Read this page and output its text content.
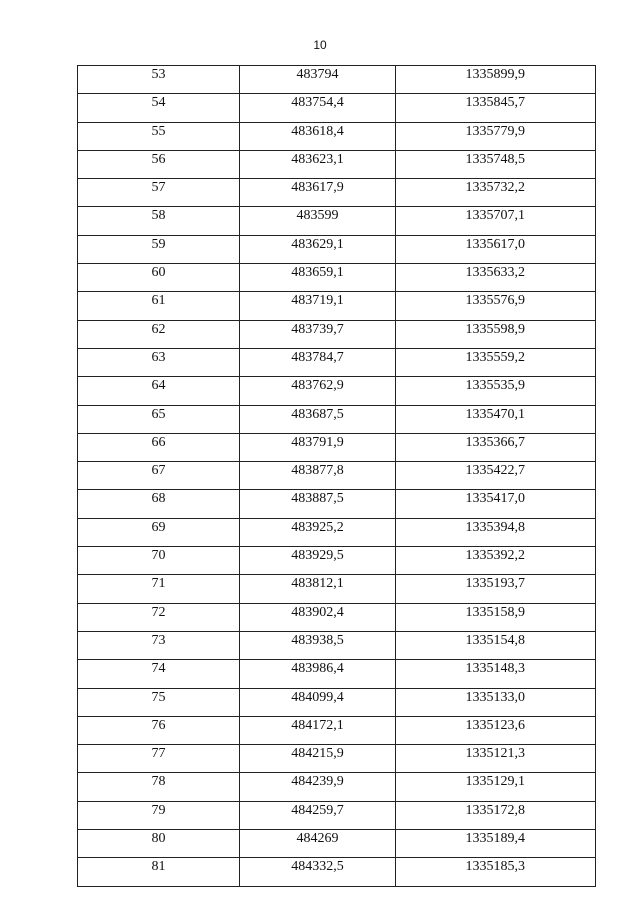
10
53	483794	1335899,9
54	483754,4	1335845,7
55	483618,4	1335779,9
56	483623,1	1335748,5
57	483617,9	1335732,2
58	483599	1335707,1
59	483629,1	1335617,0
60	483659,1	1335633,2
61	483719,1	1335576,9
62	483739,7	1335598,9
63	483784,7	1335559,2
64	483762,9	1335535,9
65	483687,5	1335470,1
66	483791,9	1335366,7
67	483877,8	1335422,7
68	483887,5	1335417,0
69	483925,2	1335394,8
70	483929,5	1335392,2
71	483812,1	1335193,7
72	483902,4	1335158,9
73	483938,5	1335154,8
74	483986,4	1335148,3
75	484099,4	1335133,0
76	484172,1	1335123,6
77	484215,9	1335121,3
78	484239,9	1335129,1
79	484259,7	1335172,8
80	484269	1335189,4
81	484332,5	1335185,3
